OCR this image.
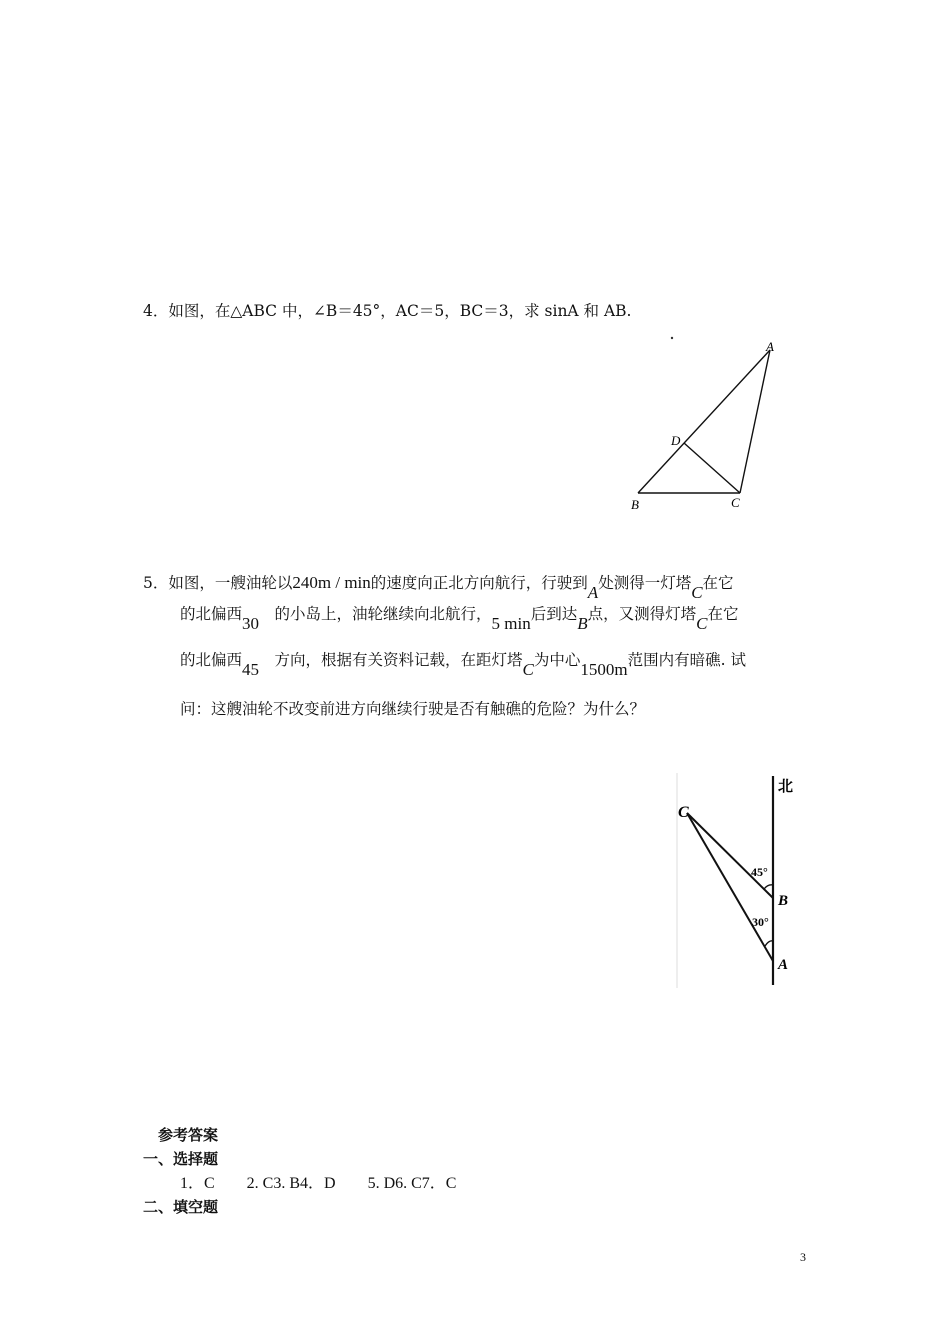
4．如图，在△ABC 中，∠B＝45°，AC＝5，BC＝3，求 sinA 和 AB.
A
D
B	C
5．如图，一艘油轮以240m / min的速度向正北方向航行，行驶到A处测得一灯塔C在它
的北偏西30　 的小岛上，油轮继续向北航行，5 min后到达B点，又测得灯塔C在它
的北偏西45　 方向，根据有关资料记载，在距灯塔C为中心1500m范围内有暗礁. 试
问：这艘油轮不改变前进方向继续行驶是否有触礁的危险？为什么？
北
C
45°
B
30°
A
参考答案
一、选择题
1．C　　2. C3. B4．D　　5. D6. C7．C
二、填空题
3
